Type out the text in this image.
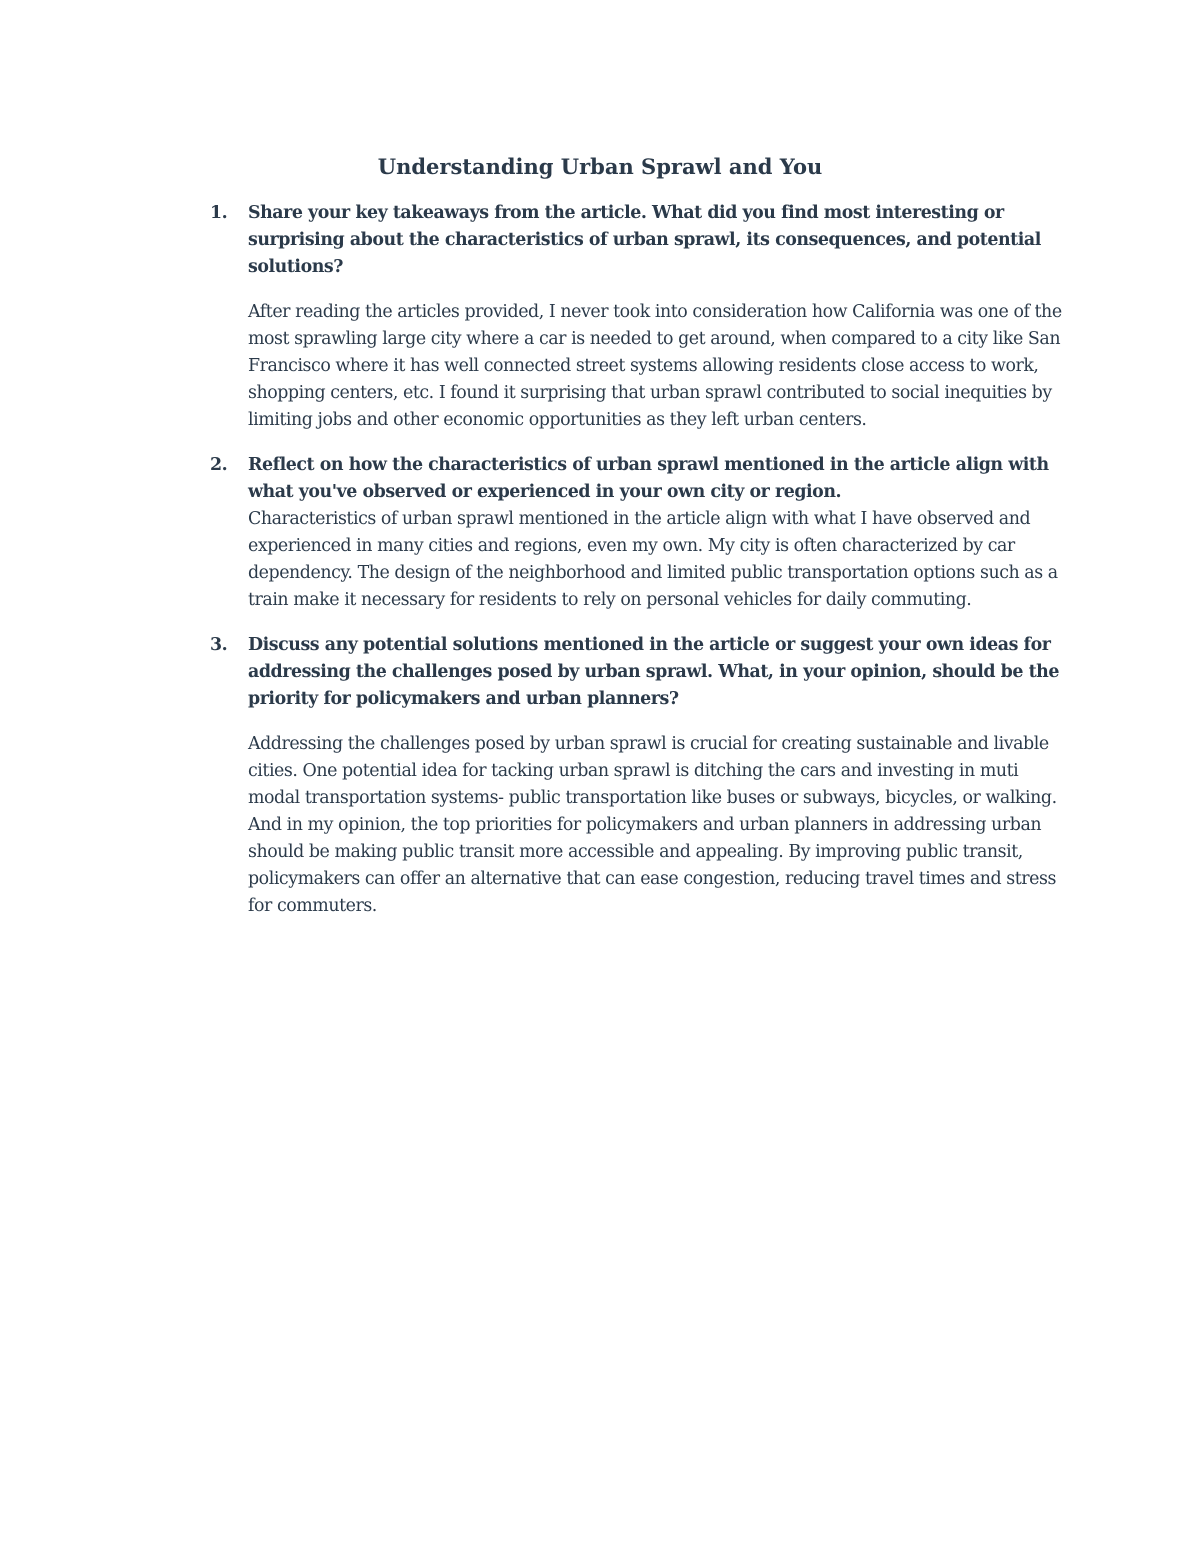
Understanding Urban Sprawl and You
1. Share your key takeaways from the article. What did you find most interesting or surprising about the characteristics of urban sprawl, its consequences, and potential solutions?

After reading the articles provided, I never took into consideration how California was one of the most sprawling large city where a car is needed to get around, when compared to a city like San Francisco where it has well connected street systems allowing residents close access to work, shopping centers, etc. I found it surprising that urban sprawl contributed to social inequities by limiting jobs and other economic opportunities as they left urban centers.

2. Reflect on how the characteristics of urban sprawl mentioned in the article align with what you've observed or experienced in your own city or region.

Characteristics of urban sprawl mentioned in the article align with what I have observed and experienced in many cities and regions, even my own. My city is often characterized by car dependency. The design of the neighborhood and limited public transportation options such as a train make it necessary for residents to rely on personal vehicles for daily commuting.

3. Discuss any potential solutions mentioned in the article or suggest your own ideas for addressing the challenges posed by urban sprawl. What, in your opinion, should be the priority for policymakers and urban planners?

Addressing the challenges posed by urban sprawl is crucial for creating sustainable and livable cities. One potential idea for tacking urban sprawl is ditching the cars and investing in muti modal transportation systems- public transportation like buses or subways, bicycles, or walking. And in my opinion, the top priorities for policymakers and urban planners in addressing urban should be making public transit more accessible and appealing. By improving public transit, policymakers can offer an alternative that can ease congestion, reducing travel times and stress for commuters.
